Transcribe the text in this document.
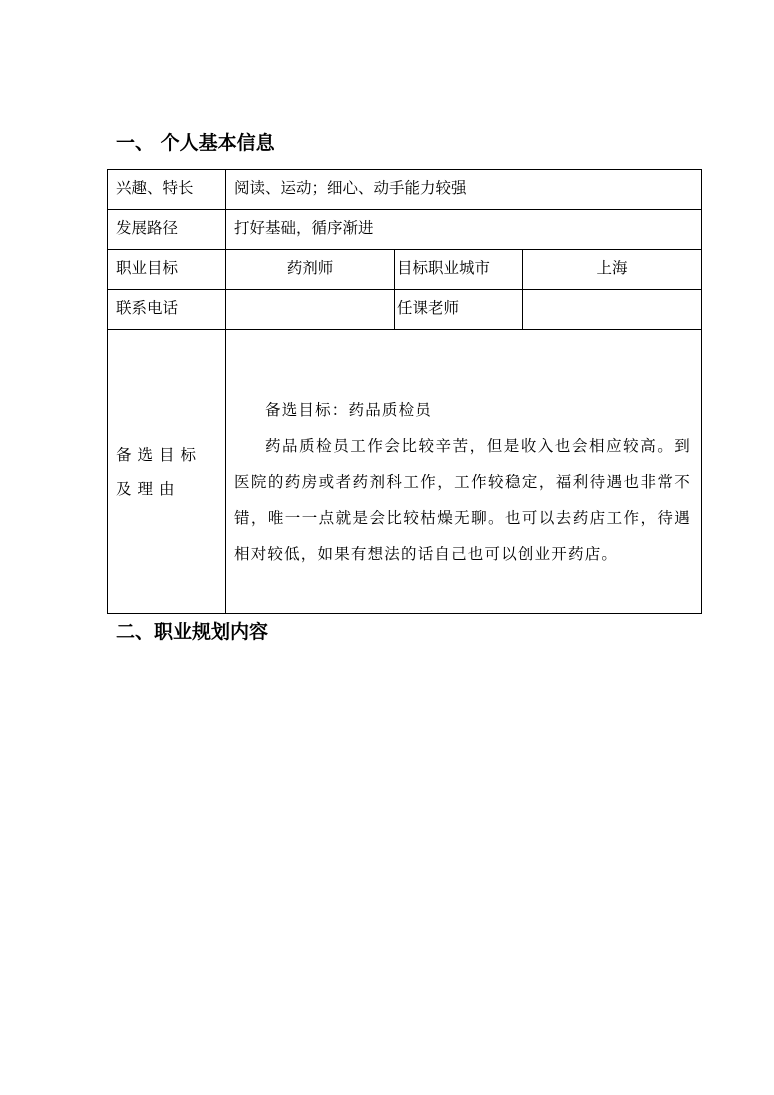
一、 个人基本信息
兴趣、特长	阅读、运动；细心、动手能力较强		
发展路径	打好基础，循序渐进		
职业目标	药剂师	目标职业城市	上海
联系电话		任课老师	
备选目标及理由	备选目标：药品质检员

药品质检员工作会比较辛苦，但是收入也会相应较高。到医院的药房或者药剂科工作，工作较稳定，福利待遇也非常不错，唯一一点就是会比较枯燥无聊。也可以去药店工作，待遇相对较低，如果有想法的话自己也可以创业开药店。		

二、职业规划内容
